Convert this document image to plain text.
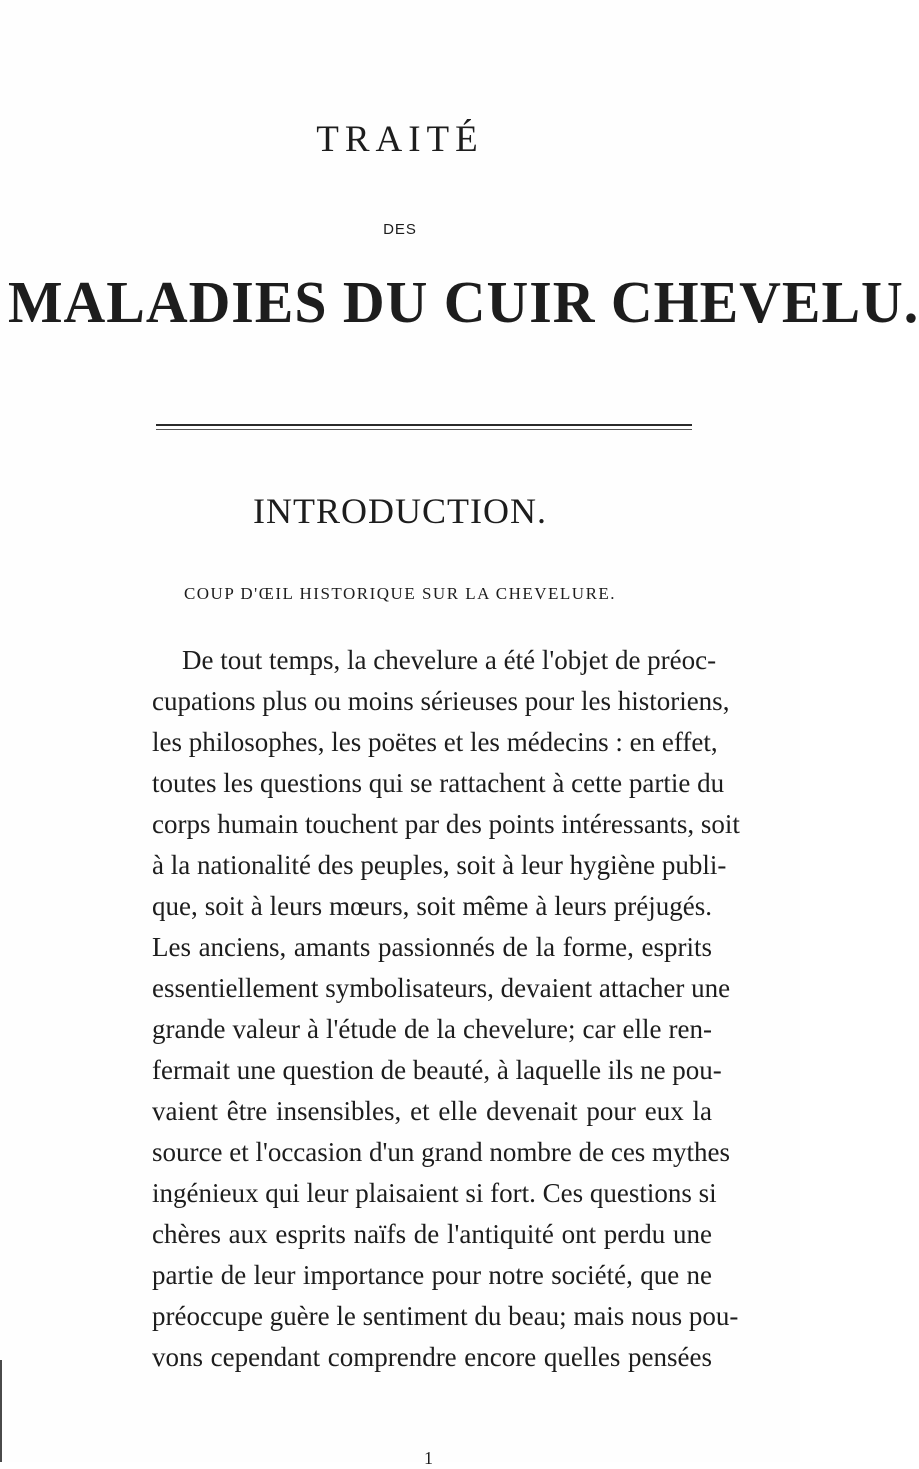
TRAITÉ
DES
MALADIES DU CUIR CHEVELU.
INTRODUCTION.
COUP D'ŒIL HISTORIQUE SUR LA CHEVELURE.
De tout temps, la chevelure a été l'objet de préoc-
cupations plus ou moins sérieuses pour les historiens,
les philosophes, les poëtes et les médecins : en effet,
toutes les questions qui se rattachent à cette partie du
corps humain touchent par des points intéressants, soit
à la nationalité des peuples, soit à leur hygiène publi-
que, soit à leurs mœurs, soit même à leurs préjugés.
Les anciens, amants passionnés de la forme, esprits
essentiellement symbolisateurs, devaient attacher une
grande valeur à l'étude de la chevelure; car elle ren-
fermait une question de beauté, à laquelle ils ne pou-
vaient être insensibles, et elle devenait pour eux la
source et l'occasion d'un grand nombre de ces mythes
ingénieux qui leur plaisaient si fort. Ces questions si
chères aux esprits naïfs de l'antiquité ont perdu une
partie de leur importance pour notre société, que ne
préoccupe guère le sentiment du beau; mais nous pou-
vons cependant comprendre encore quelles pensées
1
